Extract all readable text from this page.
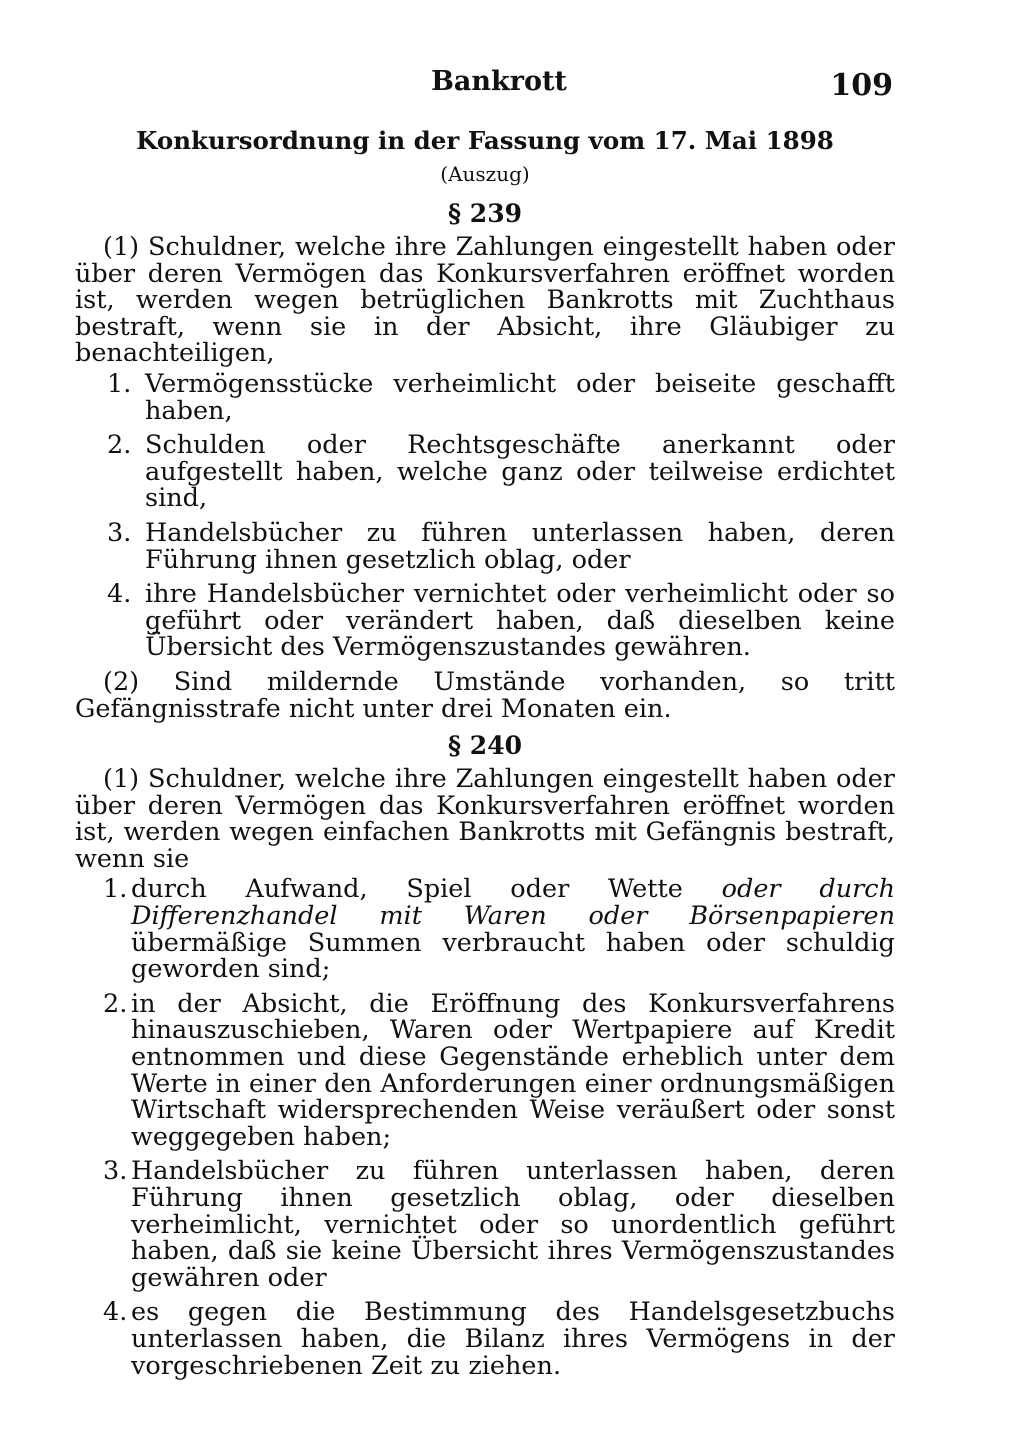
Bankrott	109
Konkursordnung in der Fassung vom 17. Mai 1898
(Auszug)
§ 239

(1) Schuldner, welche ihre Zahlungen eingestellt haben oder über deren Vermögen das Konkursverfahren eröffnet worden ist, werden wegen betrüglichen Bankrotts mit Zuchthaus bestraft, wenn sie in der Absicht, ihre Gläubiger zu benachteiligen,

1. Vermögensstücke verheimlicht oder beiseite geschafft haben,
2. Schulden oder Rechtsgeschäfte anerkannt oder aufgestellt haben, welche ganz oder teilweise erdichtet sind,
3. Handelsbücher zu führen unterlassen haben, deren Führung ihnen gesetzlich oblag, oder
4. ihre Handelsbücher vernichtet oder verheimlicht oder so geführt oder verändert haben, daß dieselben keine Übersicht des Vermögenszustandes gewähren.

(2) Sind mildernde Umstände vorhanden, so tritt Gefängnisstrafe nicht unter drei Monaten ein.

§ 240

(1) Schuldner, welche ihre Zahlungen eingestellt haben oder über deren Vermögen das Konkursverfahren eröffnet worden ist, werden wegen einfachen Bankrotts mit Gefängnis bestraft, wenn sie

1. durch Aufwand, Spiel oder Wette oder durch Differenzhandel mit Waren oder Börsenpapieren übermäßige Summen verbraucht haben oder schuldig geworden sind;
2. in der Absicht, die Eröffnung des Konkursverfahrens hinauszuschieben, Waren oder Wertpapiere auf Kredit entnommen und diese Gegenstände erheblich unter dem Werte in einer den Anforderungen einer ordnungsmäßigen Wirtschaft widersprechenden Weise veräußert oder sonst weggegeben haben;
3. Handelsbücher zu führen unterlassen haben, deren Führung ihnen gesetzlich oblag, oder dieselben verheimlicht, vernichtet oder so unordentlich geführt haben, daß sie keine Übersicht ihres Vermögenszustandes gewähren oder
4. es gegen die Bestimmung des Handelsgesetzbuchs unterlassen haben, die Bilanz ihres Vermögens in der vorgeschriebenen Zeit zu ziehen.
